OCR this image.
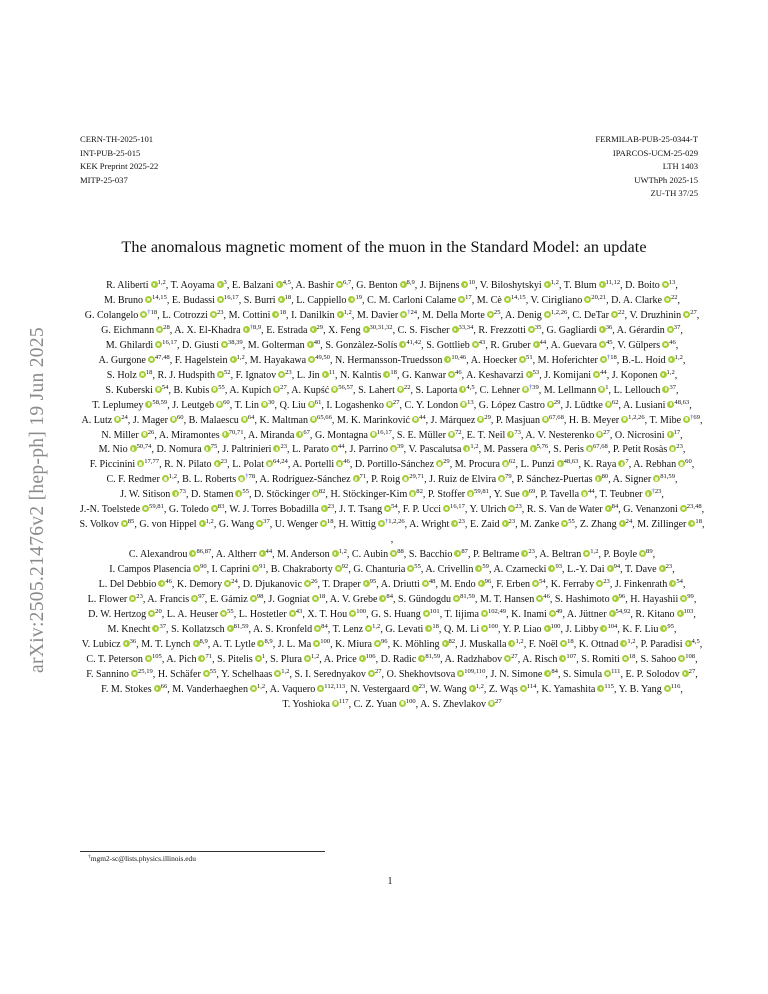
arXiv:2505.21476v2 [hep-ph] 19 Jun 2025
CERN-TH-2025-101
INT-PUB-25-015
KEK Preprint 2025-22
MITP-25-037
FERMILAB-PUB-25-0344-T
IPARCOS-UCM-25-029
LTH 1403
UWThPh 2025-15
ZU-TH 37/25
The anomalous magnetic moment of the muon in the Standard Model: an update
R. Aliberti $^{1,2}$, T. Aoyama $^3$, E. Balzani $^{4,5}$, A. Bashir $^{6,7}$, G. Benton $^{8,9}$, J. Bijnens $^{10}$, V. Biloshytskyi $^{1,2}$, T. Blum $^{11,12}$, D. Boito $^{13}$, M. Bruno $^{14,15}$, E. Budassi $^{16,17}$, S. Burri $^{18}$, L. Cappiello $^{19}$, C. M. Carloni Calame $^{17}$, M. Cè $^{14,15}$, V. Cirigliano $^{20,21}$, D. A. Clarke $^{22}$, G. Colangelo $^{\dagger 18}$, L. Cotrozzi $^{23}$, M. Cottini $^{18}$, I. Danilkin $^{1,2}$, M. Davier $^{\dagger 24}$, M. Della Morte $^{25}$, A. Denig $^{1,2,26}$, C. DeTar $^{22}$, V. Druzhinin $^{27}$, G. Eichmann $^{28}$, A. X. El-Khadra $^{\dagger 8,9}$, E. Estrada $^{29}$, X. Feng $^{30,31,32}$, C. S. Fischer $^{33,34}$, R. Frezzotti $^{35}$, G. Gagliardi $^{36}$, A. Gérardin $^{37}$, M. Ghilardi $^{16,17}$, D. Giusti $^{38,39}$, M. Golterman $^{40}$, S. Gonzàlez-Solís $^{41,42}$, S. Gottlieb $^{43}$, R. Gruber $^{44}$, A. Guevara $^{45}$, V. Gülpers $^{46}$, A. Gurgone $^{47,48}$, F. Hagelstein $^{1,2}$, M. Hayakawa $^{49,50}$, N. Hermansson-Truedsson $^{10,46}$, A. Hoecker $^{51}$, M. Hoferichter $^{\dagger 18}$, B.-L. Hoid $^{1,2}$, S. Holz $^{18}$, R. J. Hudspith $^{52}$, F. Ignatov $^{23}$, L. Jin $^{11}$, N. Kalntis $^{18}$, G. Kanwar $^{46}$, A. Keshavarzi $^{53}$, J. Komijani $^{44}$, J. Koponen $^{1,2}$, S. Kuberski $^{54}$, B. Kubis $^{55}$, A. Kupich $^{27}$, A. Kupść $^{56,57}$, S. Lahert $^{22}$, S. Laporta $^{4,5}$, C. Lehner $^{\dagger 39}$, M. Lellmann $^1$, L. Lellouch $^{37}$, T. Leplumey $^{58,59}$, J. Leutgeb $^{60}$, T. Lin $^{30}$, Q. Liu $^{61}$, I. Logashenko $^{27}$, C. Y. London $^{13}$, G. López Castro $^{29}$, J. Lüdtke $^{62}$, A. Lusiani $^{48,63}$, A. Lutz $^{24}$, J. Mager $^{60}$, B. Malaescu $^{64}$, K. Maltman $^{65,66}$, M. K. Marinković $^{44}$, J. Márquez $^{29}$, P. Masjuan $^{67,68}$, H. B. Meyer $^{1,2,26}$, T. Mibe $^{\dagger 69}$, N. Miller $^{26}$, A. Miramontes $^{70,71}$, A. Miranda $^{67}$, G. Montagna $^{16,17}$, S. E. Müller $^{72}$, E. T. Neil $^{73}$, A. V. Nesterenko $^{27}$, O. Nicrosini $^{17}$, M. Nio $^{50,74}$, D. Nomura $^{75}$, J. Paltrinieri $^{23}$, L. Parato $^{44}$, J. Parrino $^{39}$, V. Pascalutsa $^{1,2}$, M. Passera $^{5,76}$, S. Peris $^{67,68}$, P. Petit Rosàs $^{23}$, F. Piccinini $^{17,77}$, R. N. Pilato $^{23}$, L. Polat $^{64,24}$, A. Portelli $^{46}$, D. Portillo-Sánchez $^{29}$, M. Procura $^{62}$, L. Punzi $^{48,63}$, K. Raya $^7$, A. Rebhan $^{60}$, C. F. Redmer $^{1,2}$, B. L. Roberts $^{\dagger 78}$, A. Rodríguez-Sánchez $^{71}$, P. Roig $^{29,71}$, J. Ruiz de Elvira $^{79}$, P. Sánchez-Puertas $^{80}$, A. Signer $^{81,59}$, J. W. Sitison $^{73}$, D. Stamen $^{55}$, D. Stöckinger $^{82}$, H. Stöckinger-Kim $^{82}$, P. Stoffer $^{59,81}$, Y. Sue $^{69}$, P. Tavella $^{44}$, T. Teubner $^{\dagger 23}$, J.-N. Toelstede $^{59,81}$, G. Toledo $^{83}$, W. J. Torres Bobadilla $^{23}$, J. T. Tsang $^{54}$, F. P. Ucci $^{16,17}$, Y. Ulrich $^{23}$, R. S. Van de Water $^{84}$, G. Venanzoni $^{23,48}$, S. Volkov $^{85}$, G. von Hippel $^{1,2}$, G. Wang $^{37}$, U. Wenger $^{18}$, H. Wittig $^{\dagger 1,2,26}$, A. Wright $^{23}$, E. Zaid $^{23}$, M. Zanke $^{55}$, Z. Zhang $^{24}$, M. Zillinger $^{18}$, ,
C. Alexandrou $^{86,87}$, A. Altherr $^{44}$, M. Anderson $^{1,2}$, C. Aubin $^{88}$, S. Bacchio $^{87}$, P. Beltrame $^{23}$, A. Beltran $^{1,2}$, P. Boyle $^{89}$, I. Campos Plasencia $^{90}$, I. Caprini $^{91}$, B. Chakraborty $^{92}$, G. Chanturia $^{55}$, A. Crivellin $^{59}$, A. Czarnecki $^{93}$, L.-Y. Dai $^{94}$, T. Dave $^{23}$, L. Del Debbio $^{46}$, K. Demory $^{24}$, D. Djukanovic $^{26}$, T. Draper $^{95}$, A. Driutti $^{48}$, M. Endo $^{96}$, F. Erben $^{54}$, K. Ferraby $^{23}$, J. Finkenrath $^{54}$, L. Flower $^{23}$, A. Francis $^{97}$, E. Gámiz $^{98}$, J. Gogniat $^{18}$, A. V. Grebe $^{84}$, S. Gündogdu $^{81,59}$, M. T. Hansen $^{46}$, S. Hashimoto $^{96}$, H. Hayashii $^{99}$, D. W. Hertzog $^{20}$, L. A. Heuser $^{55}$, L. Hostetler $^{43}$, X. T. Hou $^{100}$, G. S. Huang $^{101}$, T. Iijima $^{102,49}$, K. Inami $^{49}$, A. Jüttner $^{54,92}$, R. Kitano $^{103}$, M. Knecht $^{37}$, S. Kollatzsch $^{81,59}$, A. S. Kronfeld $^{84}$, T. Lenz $^{1,2}$, G. Levati $^{18}$, Q. M. Li $^{100}$, Y. P. Liao $^{100}$, J. Libby $^{104}$, K. F. Liu $^{95}$, V. Lubicz $^{36}$, M. T. Lynch $^{8,9}$, A. T. Lytle $^{8,9}$, J. L. Ma $^{100}$, K. Miura $^{96}$, K. Möhling $^{82}$, J. Muskalla $^{1,2}$, F. Noël $^{18}$, K. Ottnad $^{1,2}$, P. Paradisi $^{4,5}$, C. T. Peterson $^{105}$, A. Pich $^{71}$, S. Pitelis $^1$, S. Plura $^{1,2}$, A. Price $^{106}$, D. Radic $^{81,59}$, A. Radzhabov $^{27}$, A. Risch $^{107}$, S. Romiti $^{18}$, S. Sahoo $^{108}$, F. Sannino $^{25,19}$, H. Schäfer $^{55}$, Y. Schelhaas $^{1,2}$, S. I. Serednyakov $^{27}$, O. Shekhovtsova $^{109,110}$, J. N. Simone $^{84}$, S. Simula $^{111}$, E. P. Solodov $^{27}$, F. M. Stokes $^{66}$, M. Vanderhaeghen $^{1,2}$, A. Vaquero $^{112,113}$, N. Vestergaard $^{23}$, W. Wang $^{1,2}$, Z. Wąs $^{114}$, K. Yamashita $^{115}$, Y. B. Yang $^{116}$, T. Yoshioka $^{117}$, C. Z. Yuan $^{100}$, A. S. Zhevlakov $^{27}$
†mgm2-sc@lists.physics.illinois.edu
1
